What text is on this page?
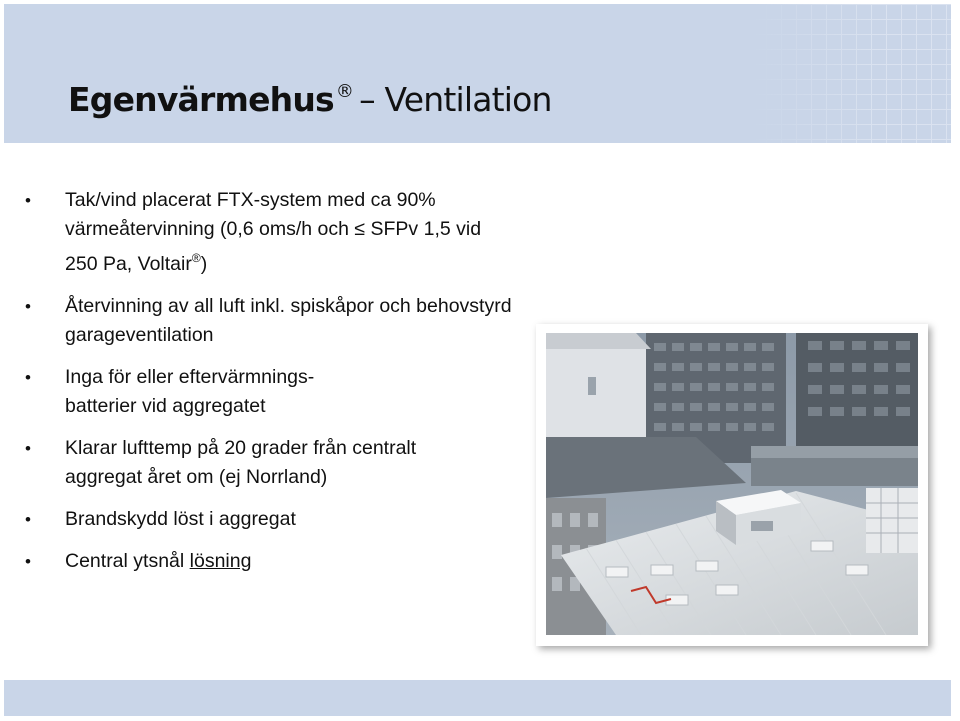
Egenvärmehus ® – Ventilation
• Tak/vind placerat FTX-system med ca 90% värmeåtervinning (0,6 oms/h och ≤ SFPv 1,5 vid 250 Pa, Voltair®)
• Återvinning av all luft inkl. spiskåpor och behovstyrd garageventilation
• Inga för eller eftervärmnings-batterier vid aggregatet
• Klarar lufttemp på 20 grader från centralt aggregat året om (ej Norrland)
• Brandskydd löst i aggregat
• Central ytsnål lösning
